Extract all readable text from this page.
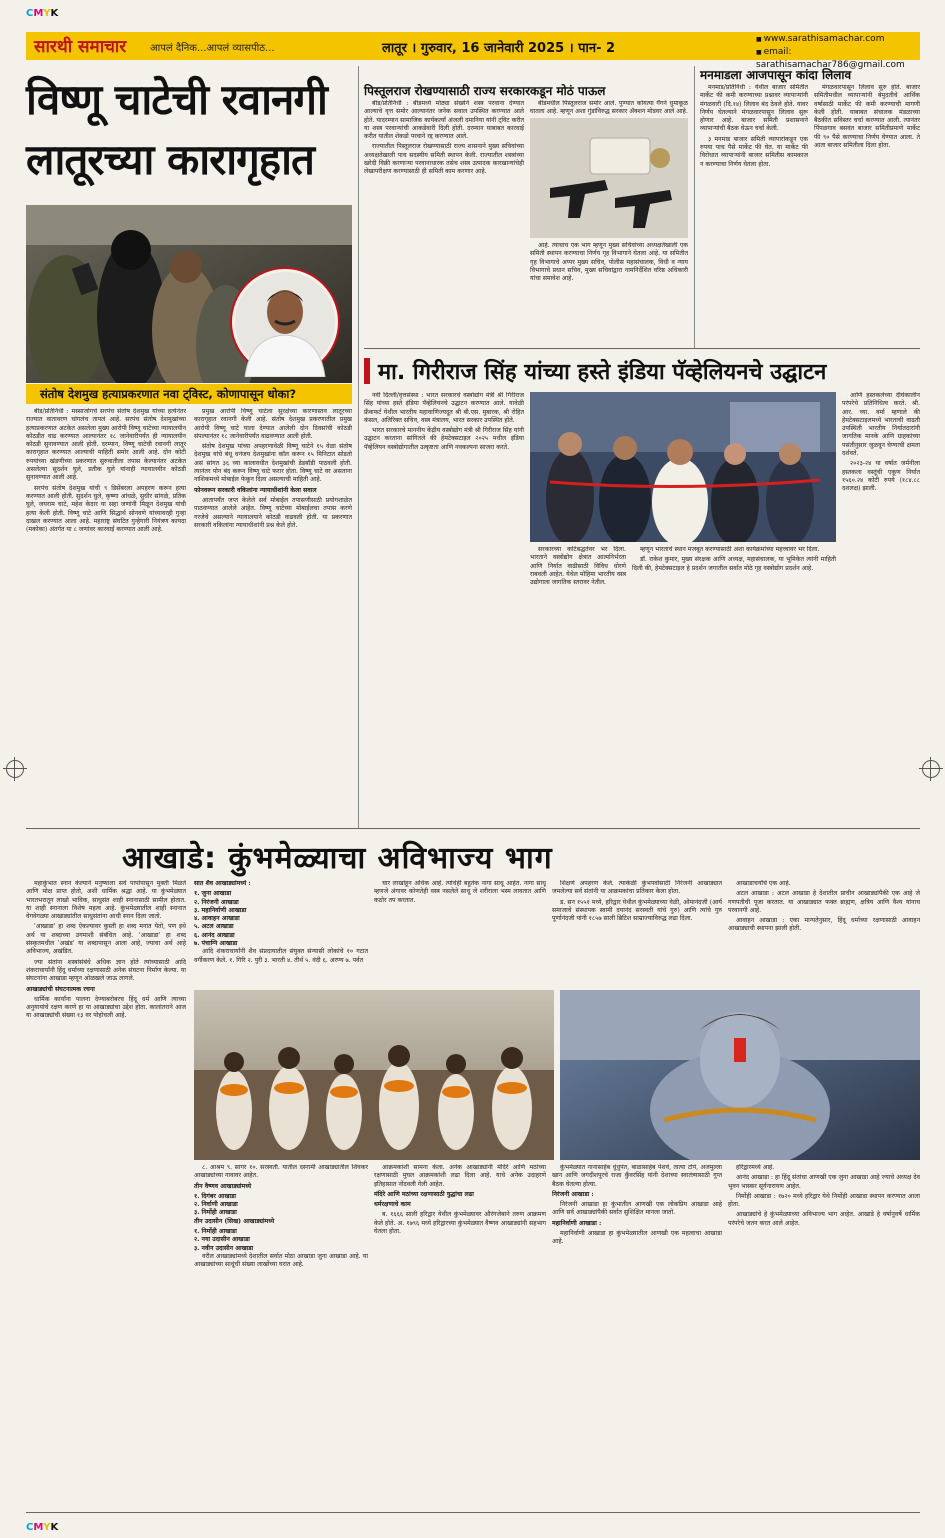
CMYK
CMYK
सारथी समाचार आपलं दैनिक...आपलं व्यासपीठ...	लातूर । गुरुवार, 16 जानेवारी 2025 । पान- 2
■ www.sarathisamachar.com
■ email: sarathisamachar786@gmail.com
विष्णू चाटेची रवानगी
लातूरच्या कारागृहात
संतोष देशमुख हत्याप्रकरणात नवा ट्विस्ट, कोणापासून धोका?

बीड/प्रतिनिधी : मस्साजोगचे सरपंच संतोष देशमुख यांच्या हत्येनंतर राज्यात वातावरण चांगलंच तापलं आहे. सरपंच संतोष देशमुखांच्या हत्याप्रकरणात अटकेत असलेला मुख्य आरोपी विष्णू चाटेच्या न्यायालयीन कोठडीत वाढ करण्यात आल्यानंतर १८ जानेवारीपर्यंत ही न्यायालयीन कोठडी सुनावण्यात आली होती. दरम्यान, विष्णू चाटेची रवानगी लातूर कारागृहात करण्यात आल्याची माहिती समोर आली आहे. दोन कोटी रुपयांच्या खंडणीच्या प्रकरणात सुरुवातीला तपास केल्यानंतर अटकेत असलेल्या सुदर्शन घुले, प्रतीक घुले यांनाही न्यायालयीन कोठडी सुनावण्यात आली आहे.

सरपंच संतोष देशमुख यांची ९ डिसेंबरला अपहरण करून हत्या करण्यात आली होती. सुदर्शन घुले, कृष्णा आंधळे, सुधीर सांगळे, प्रतिक घुले, जयराम चाटे, महेश केदार या सहा जणांनी मिळून देशमुख यांची हत्या केली होती. विष्णू चाटे आणि सिद्धार्थ सोनवणे यांच्यावरही गुन्हा दाखल करण्यात आला आहे. महाराष्ट्र संघटित गुन्हेगारी नियंत्रण कायदा (मकोका) अंतर्गत या ८ जणांवर कारवाई करण्यात आली आहे.

प्रमुख आरोपी विष्णू चाटेला सुरक्षेच्या कारणास्तव लातूरच्या कारागृहात रवानगी केली आहे. संतोष देशमुख प्रकरणातील प्रमुख आरोपी विष्णू चाटे याला देण्यात आलेली दोन दिवसांची कोठडी संपल्यानंतर १८ जानेवारीपर्यंत वाढवण्यात आली होती.

संतोष देशमुख यांच्या अपहरणावेळी विष्णू चाटेने १५ वेळा संतोष देशमुख यांचे बंधू धनंजय देशमुखांना कॉल करून १५ मिनिटात सोडतो असं सांगत ३६ च्या कालावधीत देशमुखांची डेडबॉडी पाठवली होती. त्यानंतर पोन बंद करून विष्णू चाटे फरार होता. विष्णू चाटे वर असताना नाशिकमध्ये मोबाईल फेकून दिला असल्याची माहिती आहे.

फोनवरून सरकारी वकिलांना न्यायाधीशांनी केला सवाल

आतापर्यंत जप्त केलेले सर्व मोबाईल तपासणीसाठी प्रयोगशाळेत पाठवण्यात आलेले आहेत. विष्णू चाटेच्या मोबाईलचा तपास करणे गरजेचे असल्याने न्यायालयाने कोठडी वाढवली होती. या प्रकरणात सरकारी वकिलांना न्यायाधीशांनी प्रश्न केले होते.

पिस्तूलराज रोखण्यासाठी राज्य सरकारकडून मोठं पाऊल

बीड/प्रतिनिधी : बीडमध्ये मोठ्या संख्येने शस्त्र परवाना देण्यात आल्याचे वृत्त समोर आल्यानंतर जनेक सवाल उपस्थित करण्यात आले होते. यादरम्यान सामाजिक कार्यकर्त्यां अंजली दमानिया यांनी ट्विट करीत या शस्त्र परवान्यांची आकडेवारी दिली होती. दरम्यान याबाबत कारवाई करीत यातील शेकडो परवाने रद्द करण्यात आले.

राज्यातील पिस्तूलराज रोखण्यासाठी राज्य शासनाने मुख्य सचिवांच्या अध्यक्षतेखाली पाच सदस्यीय समिती स्थापन केली. राज्यातील शस्त्रांच्या खरेदी विक्री करणाऱ्या परवानाधारक तसेच शस्त्र उत्पादक कारखान्यांचेही लेखापरीक्षण करण्यासाठी ही समिती काम करणार आहे.

बीडमधील पिस्तूलराज समोर आले. पुण्यात कोयत्या गँगने धुमाकूळ घातला आहे. म्हणून अशा गुंडांविरुद्ध सरकार ॲक्शन मोडवर आले आहे.

आहे. त्याचाच एक भाग म्हणून मुख्य सचिवांच्या अध्यक्षतेखाली एक समिती स्थापन करण्याचा निर्णय गृह विभागाने घेतला आहे. या समितीत गृह विभागाचे अप्पर मुख्य सचिव, पोलीस महासंचालक, विधी व न्याय विभागाचे प्रधान सचिव, मुख्य सचिवांद्वारा नामनिर्देशित वरिष्ठ अधिकारी यांचा समावेश आहे.

मनमाडला आजपासून कांदा लिलाव

मनमाड/प्रतिनिधी : येथील बाजार समितीत मार्केट फी कमी करण्याच्या प्रश्नावर व्यापाऱ्यांनी मंगळवारी (दि.१४) लिलाव बंद ठेवले होते. यावर निर्णय घेतल्याने मंगळवारपासून लिलाव सुरू होणार आहे. बाजार समिती प्रशासनाने व्यापाऱ्यांची बैठक घेऊन चर्चा केली.

३ मनमाड बाजार समिती व्यापारांकडून एक रुपया पाच पैसे मार्केट फी घेत. या मार्केट फी विरोधात व्यापाऱ्यांनी बाजार समितीस कामकाज न करण्याचा निर्णय घेतला होता.

मंगळवारपासून लिलाव सुरु होते. बाजार समितीमधील व्यापाऱ्यांनी बेमुदतीचे आर्थिक वर्षासाठी मार्केट फी कमी करण्याची मागणी केली होती. याबाबत संचालक मंडळाच्या बैठकीत सविस्तर चर्चा करण्यात आली. त्यानंतर पिंपळगाव बसवंत बाजार समितीप्रमाणे मार्केट फी ९० पैसे करण्याचा निर्णय घेण्यात आला. ते आता बाजार समितीला दिला होता.

मा. गिरीराज सिंह यांच्या हस्ते इंडिया पॅव्हेलियनचे उद्घाटन

नवी दिल्ली/वृत्तसंस्था : भारत सरकारचे वस्त्रोद्योग मंत्री श्री गिरीराज सिंह यांच्या हस्ते इंडिया पॅव्हेलियनचे उद्घाटन करण्यात आले. यावेळी फ्रँकफर्ट येथील भारतीय महावाणिज्यदूत श्री बी.एस. मुबारक, श्री रोहित कंसल, अतिरिक्त सचिव, वस्त्र मंत्रालय, भारत सरकार उपस्थित होते.

भारत सरकारचे माननीय केंद्रीय वस्त्रोद्योग मंत्री श्री गिरीराज सिंह यांनी उद्घाटन करताना सांगितले की हेमटेक्सटाइल २०२५ मधील इंडिया पॅव्हेलियन वस्त्रोद्योगातील उत्कृष्टता आणि नवकल्पना साजरा करते.

सरकारच्या कटिबद्धतेवर भर दिला. भारताने वस्त्रोद्योग क्षेत्रात आत्मनिर्भरता आणि निर्यात वाढीसाठी विविध धोरणे राबवली आहेत. येथेल मोहिमा भारतीय वस्त्र उद्योगाला जागतिक स्तरावर नेतील.

म्हणून भारताचे स्थान मजबूत करण्यासाठी अशा कार्यक्रमांच्या महत्त्वावर भर दिला.

डॉ. राकेश कुमार, मुख्य संरक्षक आणि अध्यक्ष, महासंचालक, या भूमिकेत त्यांनी माहिती दिली की, हेमटेक्सटाइल हे प्रदर्शन जगातील सर्वात मोठे गृह वस्त्रोद्योग प्रदर्शन आहे.

आणि हस्तकलेच्या दीर्घकालीन परंपरेचे प्रतिनिधित्व करते. श्री. आर. च्या. वर्मा म्हणाले की हेमटेक्सटाइलमध्ये भारताची वाढती उपस्थिती भारतीय निर्यातदारांनी जागतिक मानके आणि ग्राहकांच्या पसंतीनुसार जुळवून घेण्याची क्षमता दर्शवते.

२०२३-२४ या वर्षात जर्मनीला हस्तकला वस्तूंची एकूण निर्यात १५६०.२४ कोटी रुपये (१८४.८८ दशलक्ष) झाली.

आखाडे: कुंभमेळ्याचा अविभाज्य भाग

महाकुंभात स्नान केल्याने मनुष्याला सर्व पापांपासून मुक्ती मिळते आणि मोक्ष प्राप्त होतो, अशी धार्मिक श्रद्धा आहे. या कुंभमेळ्यात भारतभरातून लाखो भाविक, साधुसंत शाही स्नानासाठी सामील होतात. या शाही स्नानाला विशेष महत्व आहे. कुंभमेळ्यातील शाही स्नानात वेगवेगळ्या आखाड्यांतील साधुसंतांना आधी स्नान दिला जातो.

'आखाडा' हा शब्द ऐकल्यावर कुस्ती हा शब्द मनात येतो, पण इथे अर्थ या शब्दाच्या उगमाशी संबंधित आहे. 'आखाडा' हा शब्द संस्कृतमधील 'अखंड' या शब्दापासून आला आहे, ज्याचा अर्थ आहे अविभाज्य, अखंडित.

ज्या संतांना शस्त्रांसंबंधे अधिक ज्ञान होते त्यांच्यासाठी आदि शंकराचार्यांनी हिंदू धर्माच्या रक्षणासाठी अनेक संघटना निर्माण केल्या. या संघटनांना आखाडा म्हणून ओळखले जाऊ लागले.

आखाड्यांची संघटनात्मक रचना

धार्मिक कार्यांना पालना देण्याबरोबरच हिंदू धर्म आणि त्याच्या अनुयायांचे रक्षण करणे हा या आखाड्यांचा उद्देश होता. कालांतराने आज या आखाड्यांची संख्या १३ वर पोहोचली आहे.

सात शैव आखाड्यांमध्ये :

१. जुना आखाडा
२. निरंजनी आखाडा
३. महानिर्वाणी आखाडा
४. आवाहन आखाडा
५. अटल आखाडा
६. आनंद आखाडा
७. पंचाग्नि आखाडा

आदि शंकराचार्यांनी शैव संप्रदायातील संयुक्त संन्यासी लोकांचे १० गटात वर्गीकरण केले. १. गिरि २. पुरी ३. भारती ४. तीर्थ ५. वंदी ६. अरण्य ७. पर्वत

चार लाखांहून अधिक आहे. त्यांचेही बहुतेक नागा साधू आहेत. नागा साधू म्हणजे अंगावर कोणतेही वस्त्र नसलेले साधू जे शरीराला भस्म लावतात आणि कठोर तप करतात.

शिक्षणे अपहरण केले. त्याकेळी कुंभपर्वासाठी निरंजनी आखाड्यात जमलेल्या सर्व संतांनी या आक्रमकांचा प्रतिकार केला होता.

ड. सन १५५१ मध्ये, हरिद्वार येथील कुंभमेळ्याच्या वेळी, ओमानंदजी (आर्य समाजाचे संस्थापक स्वामी दयानंद सरस्वती यांचे गुरु) आणि त्यांचे गुरु पूर्णानंदजी यांनी १८५७ साली ब्रिटिश साम्राज्याविरुद्ध लढा दिला.

आखाडाचर्यांचे एक आहे.

अटल आखाडा : अटल आखाडा हे देशातील प्राचीन आखाड्यांपैकी एक आहे जे गणपतीची पूजा करतात. या आखाड्यात फक्त ब्राह्मण, क्षत्रिय आणि वैश्य यांनाच परवानगी आहे.

आवाहन आखाडा : एका मान्यतेनुसार, हिंदू धर्माच्या रक्षणासाठी आवाहन आखाड्याची स्थापना झाली होती.

८. आश्रम ९. सागर १०. सरस्वती. यातील दस्नामी आखाड्यातील शिवकर आखाड्यांच्या नावावर आहेत.

तीन वैष्णव आखाड्यांमध्ये

१. दिगंबर आखाडा
२. निर्वाणी आखाडा
३. निर्मोही आखाडा

तीन उदासीन (सिख) आखाड्यांमध्ये

१. निर्मोही आखाडा
२. नया उदासीन आखाडा
३. नवीन उदासीन आखाडा

वरील आखाड्यांमध्ये देशातील सर्वात मोठा आखाडा जुना आखाडा आहे. या आखाड्यांच्या साधूंची संख्या लाखोंच्या घरात आहे.

आक्रमकांशी सामना केला. अनेक आखाड्यांनी मंदिरे आणि मठांच्या रक्षणासाठी मुघल आक्रमकांशी लढा दिला आहे. याचे अनेक उदाहरणे इतिहासात नोंदवली गेली आहेत.

मंदिरे आणि मठांच्या रक्षणासाठी युद्धांचा लढा

धर्मरक्षणाचे काम

ब. १६६६ साली हरिद्वार येथील कुंभमेळ्यावर औरंगजेबाने तरुण आक्रमण केले होते. अ. १७९६ मध्ये हरिद्वारच्या कुंभमेळ्यात वैष्णव आखाड्यांनी सहभाग घेतला होता.

कुंभमेळ्यात नानासाहेब धुंधुपंत, बाळासाहेब पेशवे, तात्या टोपे, अजमुल्ला खान आणि जगदीशपूरचे राजा कुँवरसिंह यांनी देशाच्या स्वातंत्र्यासाठी गुप्त बैठक घेतल्या होत्या.

निरंजनी आखाडा :

निरंजनी आखाडा हा कुंभातील आणखी एक लोकप्रिय आखाडा आहे आणि सर्व आखाड्यांपैकी सर्वात सुशिक्षित मानला जातो.

महानिर्वाणी आखाडा :

महानिर्वाणी आखाडा हा कुंभमेळ्यातील आणखी एक महत्वाचा आखाडा आहे.

हरिद्वारमध्ये आहे.

आनंद आखाडा : हा हिंदू संतांचा आणखी एक जुना आखाडा आहे ज्याचे अध्यक्ष देव भुवन भास्कर सूर्यनारायण आहेत.

निर्मोही आखाडा : १७२० मध्ये हरिद्वार येथे निर्मोही आखाडा स्थापन करण्यात आला होता.

आखाड्यांचे हे कुंभमेळ्याच्या अविभाज्य भाग आहेत. आखाडे हे वर्षानुवर्षे धार्मिक परंपरेचे जतन करत आले आहेत.
